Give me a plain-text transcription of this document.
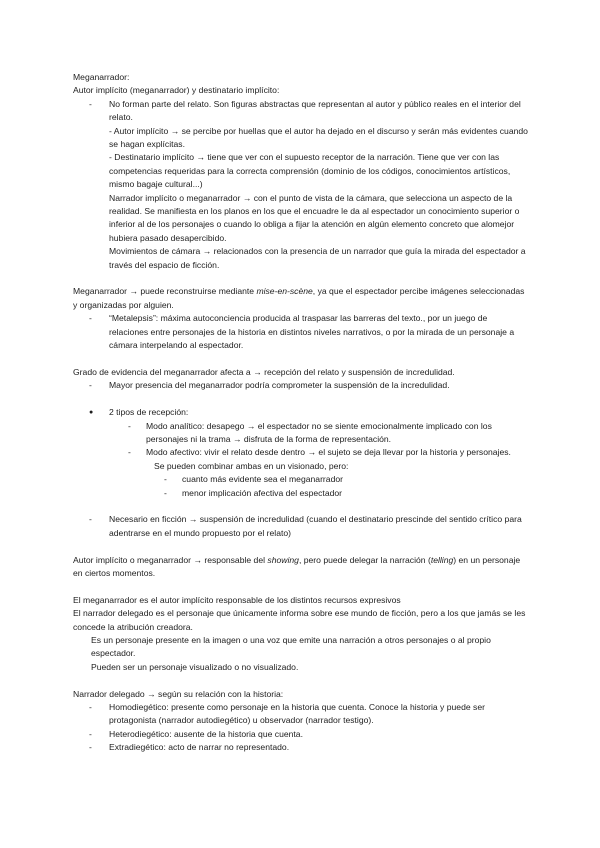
Meganarrador:

Autor implícito (meganarrador) y destinatario implícito:

- No forman parte del relato. Son figuras abstractas que representan al autor y público reales en el interior del relato.

- Autor implícito → se percibe por huellas que el autor ha dejado en el discurso y serán más evidentes cuando se hagan explícitas.

- Destinatario implícito → tiene que ver con el supuesto receptor de la narración. Tiene que ver con las competencias requeridas para la correcta comprensión (dominio de los códigos, conocimientos artísticos, mismo bagaje cultural...)

Narrador implícito o meganarrador → con el punto de vista de la cámara, que selecciona un aspecto de la realidad. Se manifiesta en los planos en los que el encuadre le da al espectador un conocimiento superior o inferior al de los personajes o cuando lo obliga a fijar la atención en algún elemento concreto que alomejor hubiera pasado desapercibido.

Movimientos de cámara → relacionados con la presencia de un narrador que guía la mirada del espectador a través del espacio de ficción.

Meganarrador → puede reconstruirse mediante mise-en-scène, ya que el espectador percibe imágenes seleccionadas y organizadas por alguien.

- “Metalepsis”: máxima autoconciencia producida al traspasar las barreras del texto., por un juego de relaciones entre personajes de la historia en distintos niveles narrativos, o por la mirada de un personaje a cámara interpelando al espectador.

Grado de evidencia del meganarrador afecta a → recepción del relato y suspensión de incredulidad.

- Mayor presencia del meganarrador podría comprometer la suspensión de la incredulidad.

● 2 tipos de recepción:

- Modo analítico: desapego → el espectador no se siente emocionalmente implicado con los personajes ni la trama → disfruta de la forma de representación.

- Modo afectivo: vivir el relato desde dentro → el sujeto se deja llevar por la historia y personajes.

Se pueden combinar ambas en un visionado, pero:

- cuanto más evidente sea el meganarrador

- menor implicación afectiva del espectador

- Necesario en ficción → suspensión de incredulidad (cuando el destinatario prescinde del sentido crítico para adentrarse en el mundo propuesto por el relato)

Autor implícito o meganarrador → responsable del showing, pero puede delegar la narración (telling) en un personaje en ciertos momentos.

El meganarrador es el autor implícito responsable de los distintos recursos expresivos

El narrador delegado es el personaje que únicamente informa sobre ese mundo de ficción, pero a los que jamás se les concede la atribución creadora.

Es un personaje presente en la imagen o una voz que emite una narración a otros personajes o al propio espectador.

Pueden ser un personaje visualizado o no visualizado.

Narrador delegado → según su relación con la historia:

- Homodiegético: presente como personaje en la historia que cuenta. Conoce la historia y puede ser protagonista (narrador autodiegético) u observador (narrador testigo).

- Heterodiegético: ausente de la historia que cuenta.

- Extradiegético: acto de narrar no representado.
